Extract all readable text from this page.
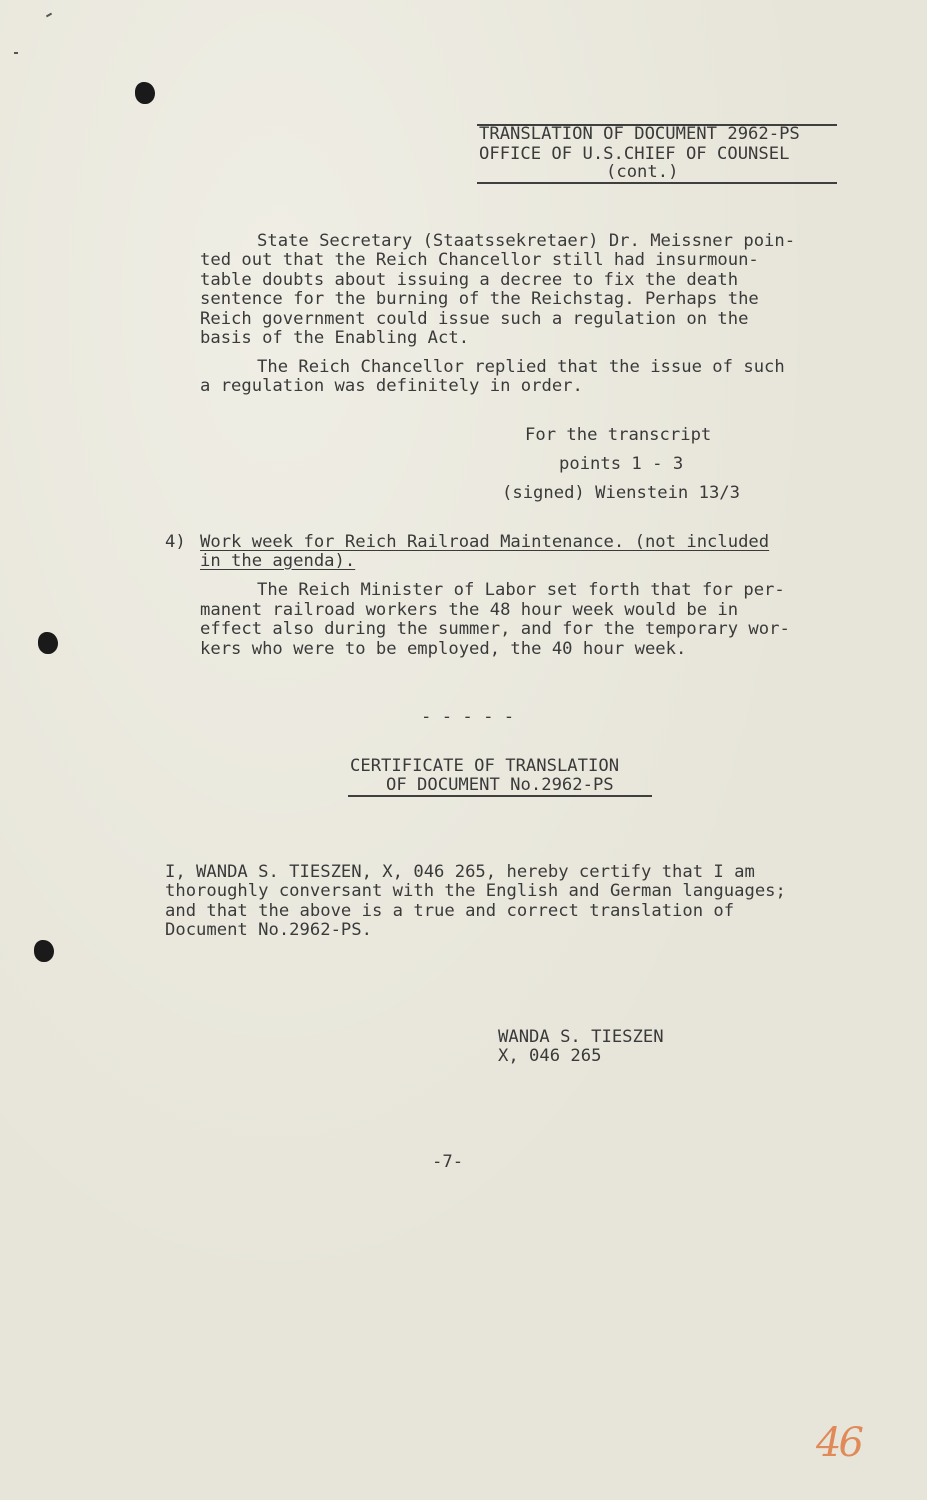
TRANSLATION OF DOCUMENT 2962-PS
OFFICE OF U.S.CHIEF OF COUNSEL
(cont.)
State Secretary (Staatssekretaer) Dr. Meissner poin-
ted out that the Reich Chancellor still had insurmoun-
table doubts about issuing a decree to fix the death
sentence for the burning of the Reichstag. Perhaps the
Reich government could issue such a regulation on the
basis of the Enabling Act.
The Reich Chancellor replied that the issue of such
a regulation was definitely in order.
For the transcript
points 1 - 3
(signed) Wienstein 13/3
4) Work week for Reich Railroad Maintenance. (not included
in the agenda).
The Reich Minister of Labor set forth that for per-
manent railroad workers the 48 hour week would be in
effect also during the summer, and for the temporary wor-
kers who were to be employed, the 40 hour week.
- - - - -
CERTIFICATE OF TRANSLATION
OF DOCUMENT No.2962-PS
I, WANDA S. TIESZEN, X, 046 265, hereby certify that I am
thoroughly conversant with the English and German languages;
and that the above is a true and correct translation of
Document No.2962-PS.
WANDA S. TIESZEN
X, 046 265
-7-
46
